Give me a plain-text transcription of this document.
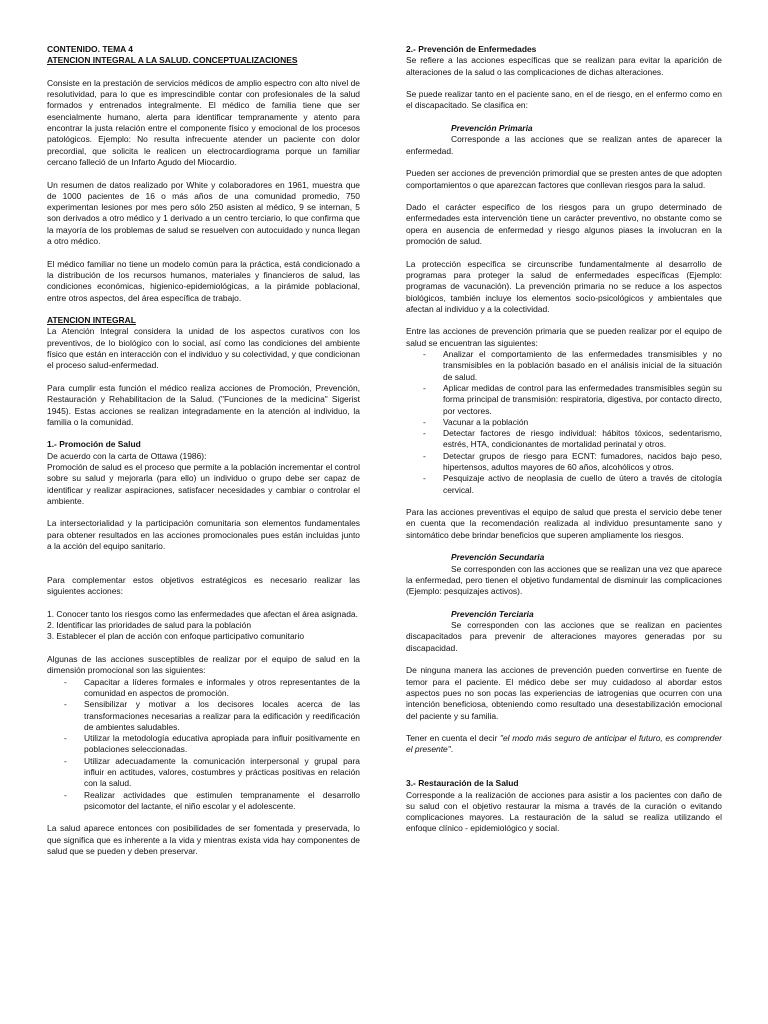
CONTENIDO. TEMA 4

ATENCION INTEGRAL A LA SALUD. CONCEPTUALIZACIONES

Consiste en la prestación de servicios médicos de amplio espectro con alto nivel de resolutividad, para lo que es imprescindible contar con profesionales de la salud formados y entrenados integralmente. El médico de familia tiene que ser esencialmente humano, alerta para identificar tempranamente y atento para encontrar la justa relación entre el componente físico y emocional de los procesos patológicos. Ejemplo: No resulta infrecuente atender un paciente con dolor precordial, que solicita le realicen un electrocardiograma porque un familiar cercano falleció de un Infarto Agudo del Miocardio.

Un resumen de datos realizado por White y colaboradores en 1961, muestra que de 1000 pacientes de 16 o más años de una comunidad promedio, 750 experimentan lesiones por mes pero sólo 250 asisten al médico, 9 se internan, 5 son derivados a otro médico y 1 derivado a un centro terciario, lo que confirma que la mayoría de los problemas de salud se resuelven con autocuidado y nunca llegan a otro médico.

El médico familiar no tiene un modelo común para la práctica, está condicionado a la distribución de los recursos humanos, materiales y financieros de salud, las condiciones económicas, higienico-epidemiológicas, a la pirámide poblacional, entre otros aspectos, del área específica de trabajo.

ATENCION INTEGRAL

La Atención Integral considera la unidad de los aspectos curativos con los preventivos, de lo biológico con lo social, así como las condiciones del ambiente físico que están en interacción con el individuo y su colectividad, y que condicionan el proceso salud-enfermedad.

Para cumplir esta función el médico realiza acciones de Promoción, Prevención, Restauración y Rehabilitacion de la Salud. ("Funciones de la medicina" Sigerist 1945). Estas acciones se realizan integradamente en la atención al individuo, la familia o la comunidad.

1.- Promoción de Salud

De acuerdo con la carta de Ottawa (1986):

Promoción de salud es el proceso que permite a la población incrementar el control sobre su salud y mejorarla (para ello) un individuo o grupo debe ser capaz de identificar y realizar aspiraciones, satisfacer necesidades y cambiar o controlar el ambiente.

La intersectorialidad y la participación comunitaria son elementos fundamentales para obtener resultados en las acciones promocionales pues están incluidas junto a la acción del equipo sanitario.

Para complementar estos objetivos estratégicos es necesario realizar las siguientes acciones:

1. Conocer tanto los riesgos como las enfermedades que afectan el área asignada.
2. Identificar las prioridades de salud para la población
3. Establecer el plan de acción con enfoque participativo comunitario

Algunas de las acciones susceptibles de realizar por el equipo de salud en la dimensión promocional son las siguientes:

- Capacitar a líderes formales e informales y otros representantes de la comunidad en aspectos de promoción.
- Sensibilizar y motivar a los decisores locales acerca de las transformaciones necesarias a realizar para la edificación y reedificación de ambientes saludables.
- Utilizar la metodología educativa apropiada para influir positivamente en poblaciones seleccionadas.
- Utilizar adecuadamente la comunicación interpersonal y grupal para influir en actitudes, valores, costumbres y prácticas positivas en relación con la salud.
- Realizar actividades que estimulen tempranamente el desarrollo psicomotor del lactante, el niño escolar y el adolescente.

La salud aparece entonces con posibilidades de ser fomentada y preservada, lo que significa que es inherente a la vida y mientras exista vida hay componentes de salud que se pueden y deben preservar.

2.- Prevención de Enfermedades

Se refiere a las acciones específicas que se realizan para evitar la aparición de alteraciones de la salud o las complicaciones de dichas alteraciones.

Se puede realizar tanto en el paciente sano, en el de riesgo, en el enfermo como en el discapacitado. Se clasifica en:

Prevención Primaria

Corresponde a las acciones que se realizan antes de aparecer la enfermedad.

Pueden ser acciones de prevención primordial que se presten antes de que adopten comportamientos o que aparezcan factores que conllevan riesgos para la salud.

Dado el carácter especifico de los riesgos para un grupo determinado de enfermedades esta intervención tiene un carácter preventivo, no obstante como se opera en ausencia de enfermedad y riesgo algunos piases la involucran en la promoción de salud.

La protección específica se circunscribe fundamentalmente al desarrollo de programas para proteger la salud de enfermedades específicas (Ejemplo: programas de vacunación). La prevención primaria no se reduce a los aspectos biológicos, también incluye los elementos socio-psicológicos y ambientales que afectan al individuo y a la colectividad.

Entre las acciones de prevención primaria que se pueden realizar por el equipo de salud se encuentran las siguientes:

- Analizar el comportamiento de las enfermedades transmisibles y no transmisibles en la población basado en el análisis inicial de la situación de salud.
- Aplicar medidas de control para las enfermedades transmisibles según su forma principal de transmisión: respiratoria, digestiva, por contacto directo, por vectores.
- Vacunar a la población
- Detectar factores de riesgo individual: hábitos tóxicos, sedentarismo, estrés, HTA, condicionantes de mortalidad perinatal y otros.
- Detectar grupos de riesgo para ECNT: fumadores, nacidos bajo peso, hipertensos, adultos mayores de 60 años, alcohólicos y otros.
- Pesquizaje activo de neoplasia de cuello de útero a través de citología cervical.

Para las acciones preventivas el equipo de salud que presta el servicio debe tener en cuenta que la recomendación realizada al individuo presuntamente sano y sintomático debe brindar beneficios que superen ampliamente los riesgos.

Prevención Secundaria

Se corresponden con las acciones que se realizan una vez que aparece la enfermedad, pero tienen el objetivo fundamental de disminuir las complicaciones (Ejemplo: pesquizajes activos).

Prevención Terciaria

Se corresponden con las acciones que se realizan en pacientes discapacitados para prevenir de alteraciones mayores generadas por su discapacidad.

De ninguna manera las acciones de prevención pueden convertirse en fuente de temor para el paciente. El médico debe ser muy cuidadoso al abordar estos aspectos pues no son pocas las experiencias de iatrogenias que ocurren con una intención beneficiosa, obteniendo como resultado una desestabilización emocional del paciente y su familia.

Tener en cuenta el decir "el modo más seguro de anticipar el futuro, es comprender el presente".

3.- Restauración de la Salud

Corresponde a la realización de acciones para asistir a los pacientes con daño de su salud con el objetivo restaurar la misma a través de la curación o evitando complicaciones mayores. La restauración de la salud se realiza utilizando el enfoque clínico - epidemiológico y social.
